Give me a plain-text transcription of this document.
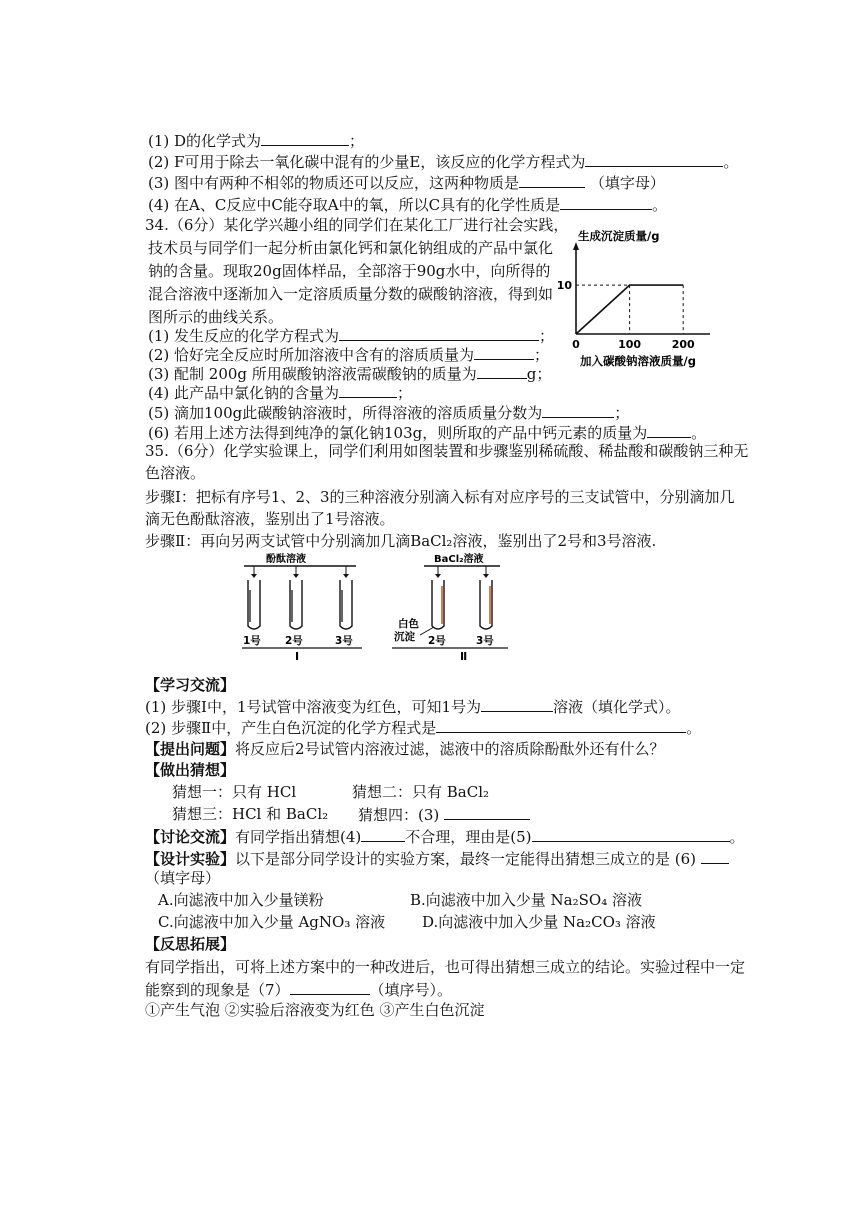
(1) D的化学式为	；
(2) F可用于除去一氧化碳中混有的少量E，该反应的化学方程式为	。
(3) 图中有两种不相邻的物质还可以反应，这两种物质是	（填字母）
(4) 在A、C反应中C能夺取A中的氧，所以C具有的化学性质是	。
34.（6分）某化学兴趣小组的同学们在某化工厂进行社会实践，
技术员与同学们一起分析由氯化钙和氯化钠组成的产品中氯化
钠的含量。现取20g固体样品，全部溶于90g水中，向所得的
混合溶液中逐渐加入一定溶质质量分数的碳酸钠溶液，得到如
图所示的曲线关系。
(1) 发生反应的化学方程式为	；
(2) 恰好完全反应时所加溶液中含有的溶质质量为	；
(3) 配制 200g 所用碳酸钠溶液需碳酸钠的质量为	g；
(4) 此产品中氯化钠的含量为	；
(5) 滴加100g此碳酸钠溶液时，所得溶液的溶质质量分数为	；
(6) 若用上述方法得到纯净的氯化钠103g，则所取的产品中钙元素的质量为	。
生成沉淀质量/g
10
0	100	200
加入碳酸钠溶液质量/g
35.（6分）化学实验课上，同学们利用如图装置和步骤鉴别稀硫酸、稀盐酸和碳酸钠三种无
色溶液。
步骤Ⅰ：把标有序号1、2、3的三种溶液分别滴入标有对应序号的三支试管中，分别滴加几
滴无色酚酞溶液，鉴别出了1号溶液。
步骤Ⅱ：再向另两支试管中分别滴加几滴BaCl₂溶液，鉴别出了2号和3号溶液.
酚酞溶液
1号 2号	3号
Ⅰ
BaCl₂溶液
白色
沉淀 2号	3号
Ⅱ
【学习交流】
(1) 步骤Ⅰ中，1号试管中溶液变为红色，可知1号为	溶液（填化学式）。
(2) 步骤Ⅱ中，产生白色沉淀的化学方程式是	。
【提出问题】将反应后2号试管内溶液过滤，滤液中的溶质除酚酞外还有什么？
【做出猜想】
猜想一：只有 HCl	猜想二：只有 BaCl₂
猜想三：HCl 和 BaCl₂ 猜想四：(3)
【讨论交流】有同学指出猜想(4)	不合理，理由是(5)	。
【设计实验】以下是部分同学设计的实验方案，最终一定能得出猜想三成立的是 (6)
（填字母）
A.向滤液中加入少量镁粉	B.向滤液中加入少量 Na₂SO₄ 溶液
C.向滤液中加入少量 AgNO₃ 溶液 D.向滤液中加入少量 Na₂CO₃ 溶液
【反思拓展】
有同学指出，可将上述方案中的一种改进后，也可得出猜想三成立的结论。实验过程中一定
能察到的现象是（7）	（填序号）。
①产生气泡 ②实验后溶液变为红色 ③产生白色沉淀
